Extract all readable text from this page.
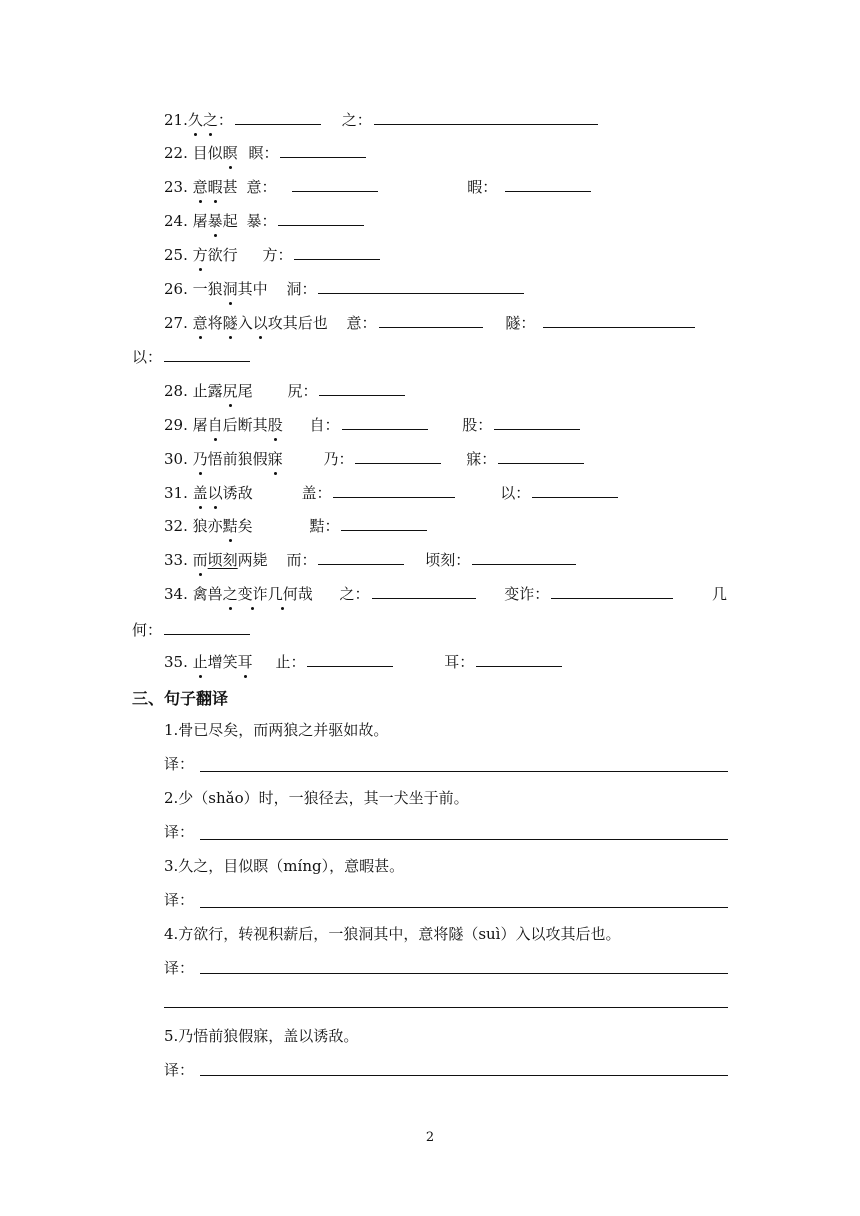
21.久之：	之：
22. 目似瞑 瞑：
23. 意暇甚 意：	暇：
24. 屠暴起 暴：
25. 方欲行 方：
26. 一狼洞其中 洞：
27. 意将隧入以攻其后也 意：	隧：
以：
28. 止露尻尾 尻：
29. 屠自后断其股 自：	股：
30. 乃悟前狼假寐	乃：	寐：
31. 盖以诱敌	盖：	以：
32. 狼亦黠矣	黠：
33. 而顷刻两毙 而：	顷刻：
34. 禽兽之变诈几何哉 之：	变诈：	几
何：
35. 止增笑耳 止：	耳：
三、句子翻译
1.骨已尽矣，而两狼之并驱如故。
译：
2.少（shǎo）时，一狼径去，其一犬坐于前。
译：
3.久之，目似瞑（míng），意暇甚。
译：
4.方欲行，转视积薪后，一狼洞其中，意将隧（suì）入以攻其后也。
译：
5.乃悟前狼假寐，盖以诱敌。
译：
2
